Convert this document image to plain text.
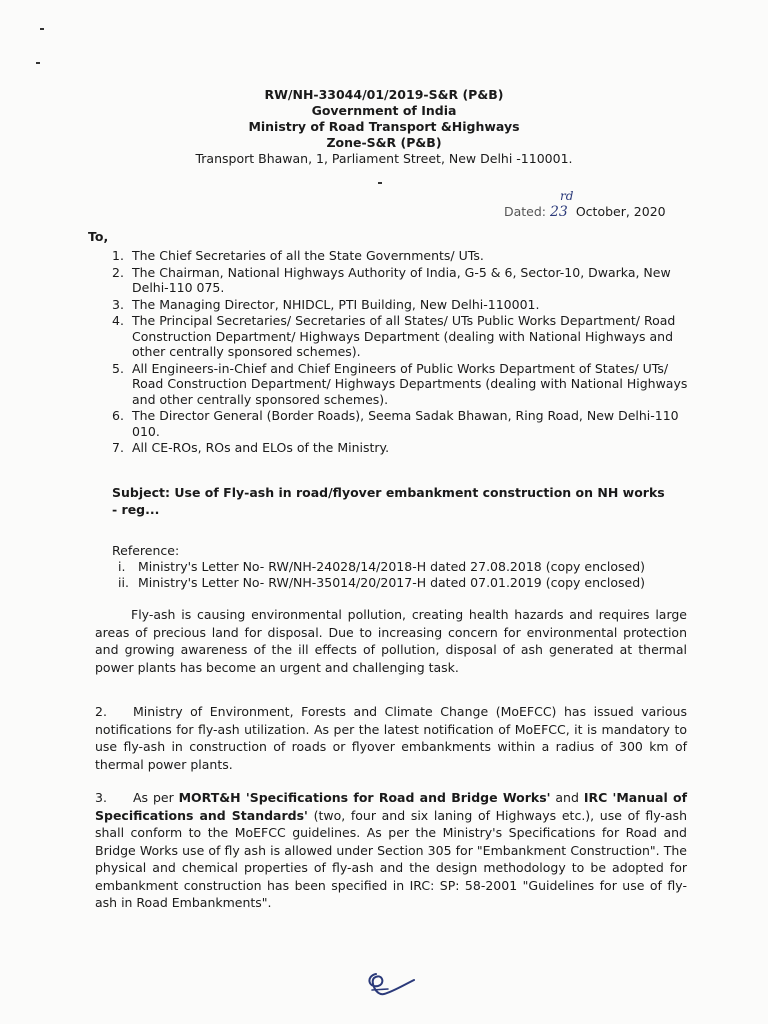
RW/NH-33044/01/2019-S&R (P&B)
Government of India
Ministry of Road Transport &Highways
Zone-S&R (P&B)
Transport Bhawan, 1, Parliament Street, New Delhi -110001.
Dated: 23
rd
October, 2020
To,
1. The Chief Secretaries of all the State Governments/ UTs.
2. The Chairman, National Highways Authority of India, G-5 & 6, Sector-10, Dwarka, New Delhi-110 075.
3. The Managing Director, NHIDCL, PTI Building, New Delhi-110001.
4. The Principal Secretaries/ Secretaries of all States/ UTs Public Works Department/ Road Construction Department/ Highways Department (dealing with National Highways and other centrally sponsored schemes).
5. All Engineers-in-Chief and Chief Engineers of Public Works Department of States/ UTs/ Road Construction Department/ Highways Departments (dealing with National Highways and other centrally sponsored schemes).
6. The Director General (Border Roads), Seema Sadak Bhawan, Ring Road, New Delhi-110 010.
7. All CE-ROs, ROs and ELOs of the Ministry.
Subject: Use of Fly-ash in road/flyover embankment construction on NH works - reg...
Reference:
i. Ministry's Letter No- RW/NH-24028/14/2018-H dated 27.08.2018 (copy enclosed)
ii. Ministry's Letter No- RW/NH-35014/20/2017-H dated 07.01.2019 (copy enclosed)
Fly-ash is causing environmental pollution, creating health hazards and requires large areas of precious land for disposal. Due to increasing concern for environmental protection and growing awareness of the ill effects of pollution, disposal of ash generated at thermal power plants has become an urgent and challenging task.
2. Ministry of Environment, Forests and Climate Change (MoEFCC) has issued various notifications for fly-ash utilization. As per the latest notification of MoEFCC, it is mandatory to use fly-ash in construction of roads or flyover embankments within a radius of 300 km of thermal power plants.
3. As per MORT&H 'Specifications for Road and Bridge Works' and IRC 'Manual of Specifications and Standards' (two, four and six laning of Highways etc.), use of fly-ash shall conform to the MoEFCC guidelines. As per the Ministry's Specifications for Road and Bridge Works use of fly ash is allowed under Section 305 for "Embankment Construction". The physical and chemical properties of fly-ash and the design methodology to be adopted for embankment construction has been specified in IRC: SP: 58-2001 "Guidelines for use of fly-ash in Road Embankments".
